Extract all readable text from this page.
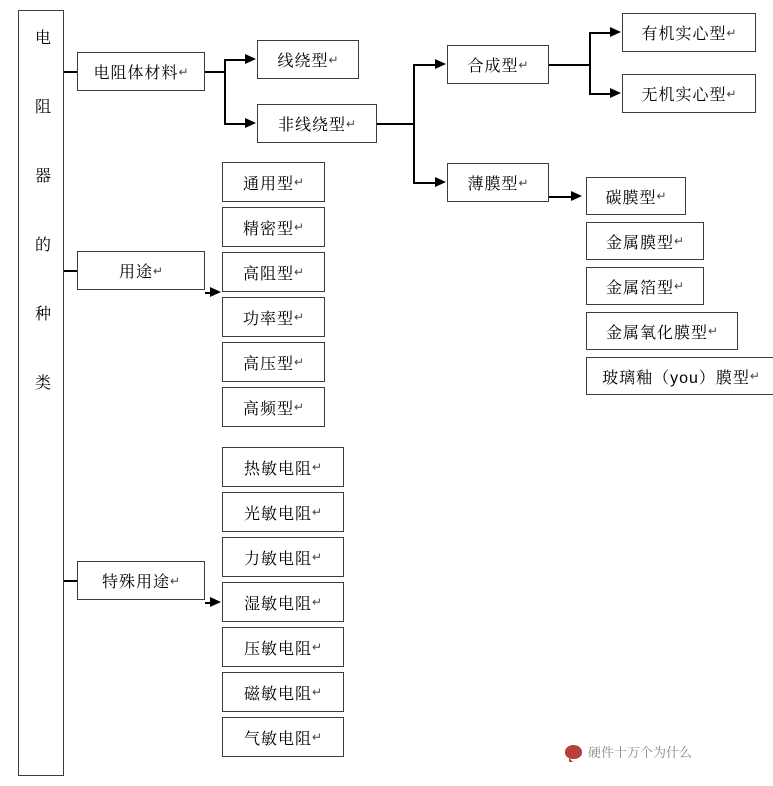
电 阻 器 的 种 类	电阻体材料 ↵
用途 ↵
特殊用途 ↵
线绕型 ↵
非线绕型 ↵
合成型 ↵
薄膜型 ↵
有机实心型 ↵
无机实心型 ↵
碳膜型 ↵
金属膜型 ↵
金属箔型 ↵
金属氧化膜型 ↵
玻璃釉（you）膜型 ↵
通用型 ↵
精密型 ↵
高阻型 ↵
功率型 ↵
高压型 ↵
高频型 ↵
热敏电阻 ↵
光敏电阻 ↵
力敏电阻 ↵
湿敏电阻 ↵
压敏电阻 ↵
磁敏电阻 ↵
气敏电阻 ↵
硬件十万个为什么
